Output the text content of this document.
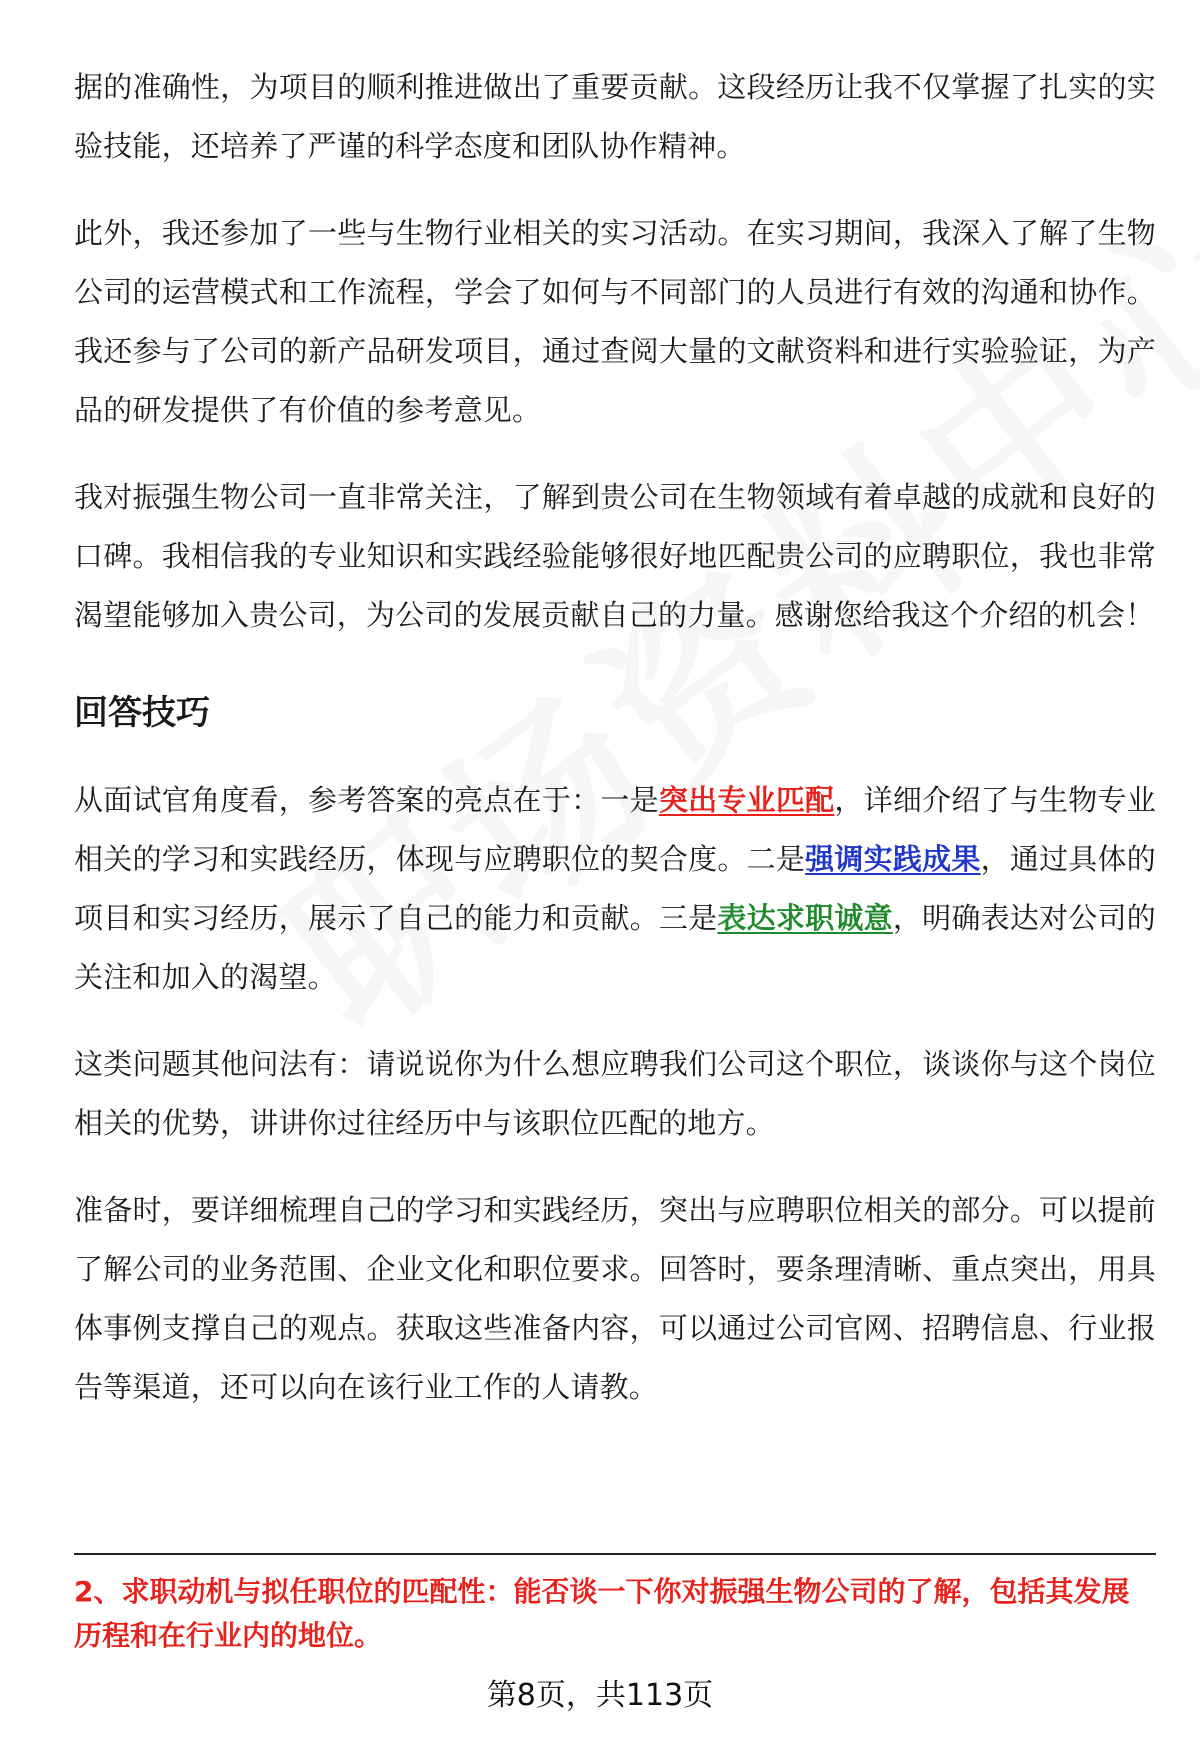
据的准确性，为项目的顺利推进做出了重要贡献。这段经历让我不仅掌握了扎实的实验技能，还培养了严谨的科学态度和团队协作精神。

此外，我还参加了一些与生物行业相关的实习活动。在实习期间，我深入了解了生物公司的运营模式和工作流程，学会了如何与不同部门的人员进行有效的沟通和协作。我还参与了公司的新产品研发项目，通过查阅大量的文献资料和进行实验验证，为产品的研发提供了有价值的参考意见。

我对振强生物公司一直非常关注，了解到贵公司在生物领域有着卓越的成就和良好的口碑。我相信我的专业知识和实践经验能够很好地匹配贵公司的应聘职位，我也非常渴望能够加入贵公司，为公司的发展贡献自己的力量。感谢您给我这个介绍的机会！

回答技巧

从面试官角度看，参考答案的亮点在于：一是突出专业匹配，详细介绍了与生物专业相关的学习和实践经历，体现与应聘职位的契合度。二是强调实践成果，通过具体的项目和实习经历，展示了自己的能力和贡献。三是表达求职诚意，明确表达对公司的关注和加入的渴望。

这类问题其他问法有：请说说你为什么想应聘我们公司这个职位，谈谈你与这个岗位相关的优势，讲讲你过往经历中与该职位匹配的地方。

准备时，要详细梳理自己的学习和实践经历，突出与应聘职位相关的部分。可以提前了解公司的业务范围、企业文化和职位要求。回答时，要条理清晰、重点突出，用具体事例支撑自己的观点。获取这些准备内容，可以通过公司官网、招聘信息、行业报告等渠道，还可以向在该行业工作的人请教。

2、求职动机与拟任职位的匹配性：能否谈一下你对振强生物公司的了解，包括其发展历程和在行业内的地位。

第8页，共113页
